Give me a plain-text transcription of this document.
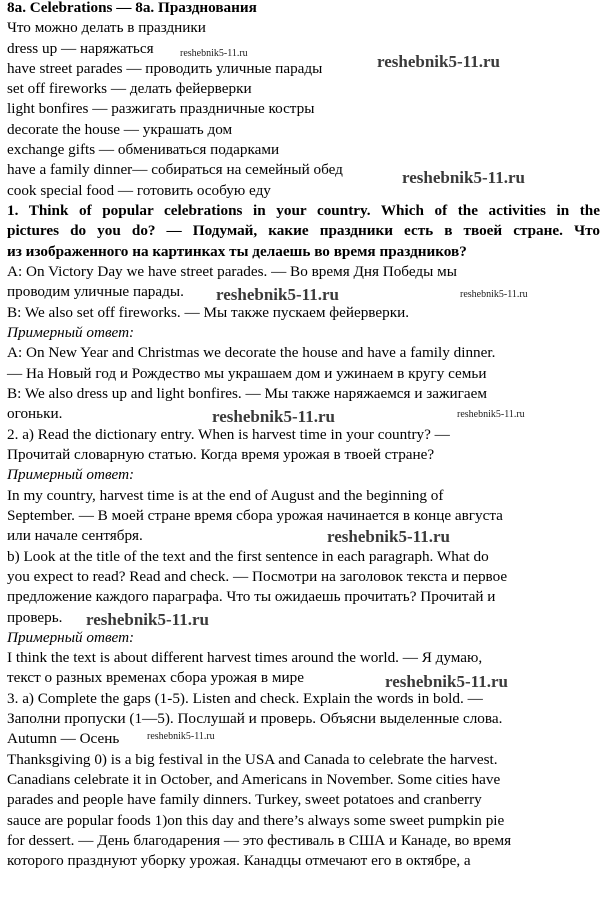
8a. Celebrations — 8a. Празднования
Что можно делать в праздники
dress up — наряжаться
have street parades — проводить уличные парады
set off fireworks — делать фейерверки
light bonfires — разжигать праздничные костры
decorate the house — украшать дом
exchange gifts — обмениваться подарками
have a family dinner— собираться на семейный обед
cook special food — готовить особую еду
1. Think of popular celebrations in your country. Which of the activities in the
pictures do you do? — Подумай, какие праздники есть в твоей стране. Что
из изображенного на картинках ты делаешь во время праздников?
A: On Victory Day we have street parades. — Во время Дня Победы мы
проводим уличные парады.
B: We also set off fireworks. — Мы также пускаем фейерверки.
Примерный ответ:
A: On New Year and Christmas we decorate the house and have a family dinner.
— На Новый год и Рождество мы украшаем дом и ужинаем в кругу семьи
B: We also dress up and light bonfires. — Мы также наряжаемся и зажигаем
огоньки.
2. a) Read the dictionary entry. When is harvest time in your country? —
Прочитай словарную статью. Когда время урожая в твоей стране?
Примерный ответ:
In my country, harvest time is at the end of August and the beginning of
September. — В моей стране время сбора урожая начинается в конце августа
или начале сентября.
b) Look at the title of the text and the first sentence in each paragraph. What do
you expect to read? Read and check. — Посмотри на заголовок текста и первое
предложение каждого параграфа. Что ты ожидаешь прочитать? Прочитай и
проверь.
Примерный ответ:
I think the text is about different harvest times around the world. — Я думаю,
текст о разных временах сбора урожая в мире
3. a) Complete the gaps (1-5). Listen and check. Explain the words in bold. —
Заполни пропуски (1—5). Послушай и проверь. Объясни выделенные слова.
Autumn — Осень
Thanksgiving 0) is a big festival in the USA and Canada to celebrate the harvest.
Canadians celebrate it in October, and Americans in November. Some cities have
parades and people have family dinners. Turkey, sweet potatoes and cranberry
sauce are popular foods 1)on this day and there’s always some sweet pumpkin pie
for dessert. — День благодарения — это фестиваль в США и Канаде, во время
которого празднуют уборку урожая. Канадцы отмечают его в октябре, а
reshebnik5-11.ru	reshebnik5-11.ru
reshebnik5-11.ru
reshebnik5-11.ru	reshebnik5-11.ru
reshebnik5-11.ru	reshebnik5-11.ru
reshebnik5-11.ru
reshebnik5-11.ru
reshebnik5-11.ru
reshebnik5-11.ru
